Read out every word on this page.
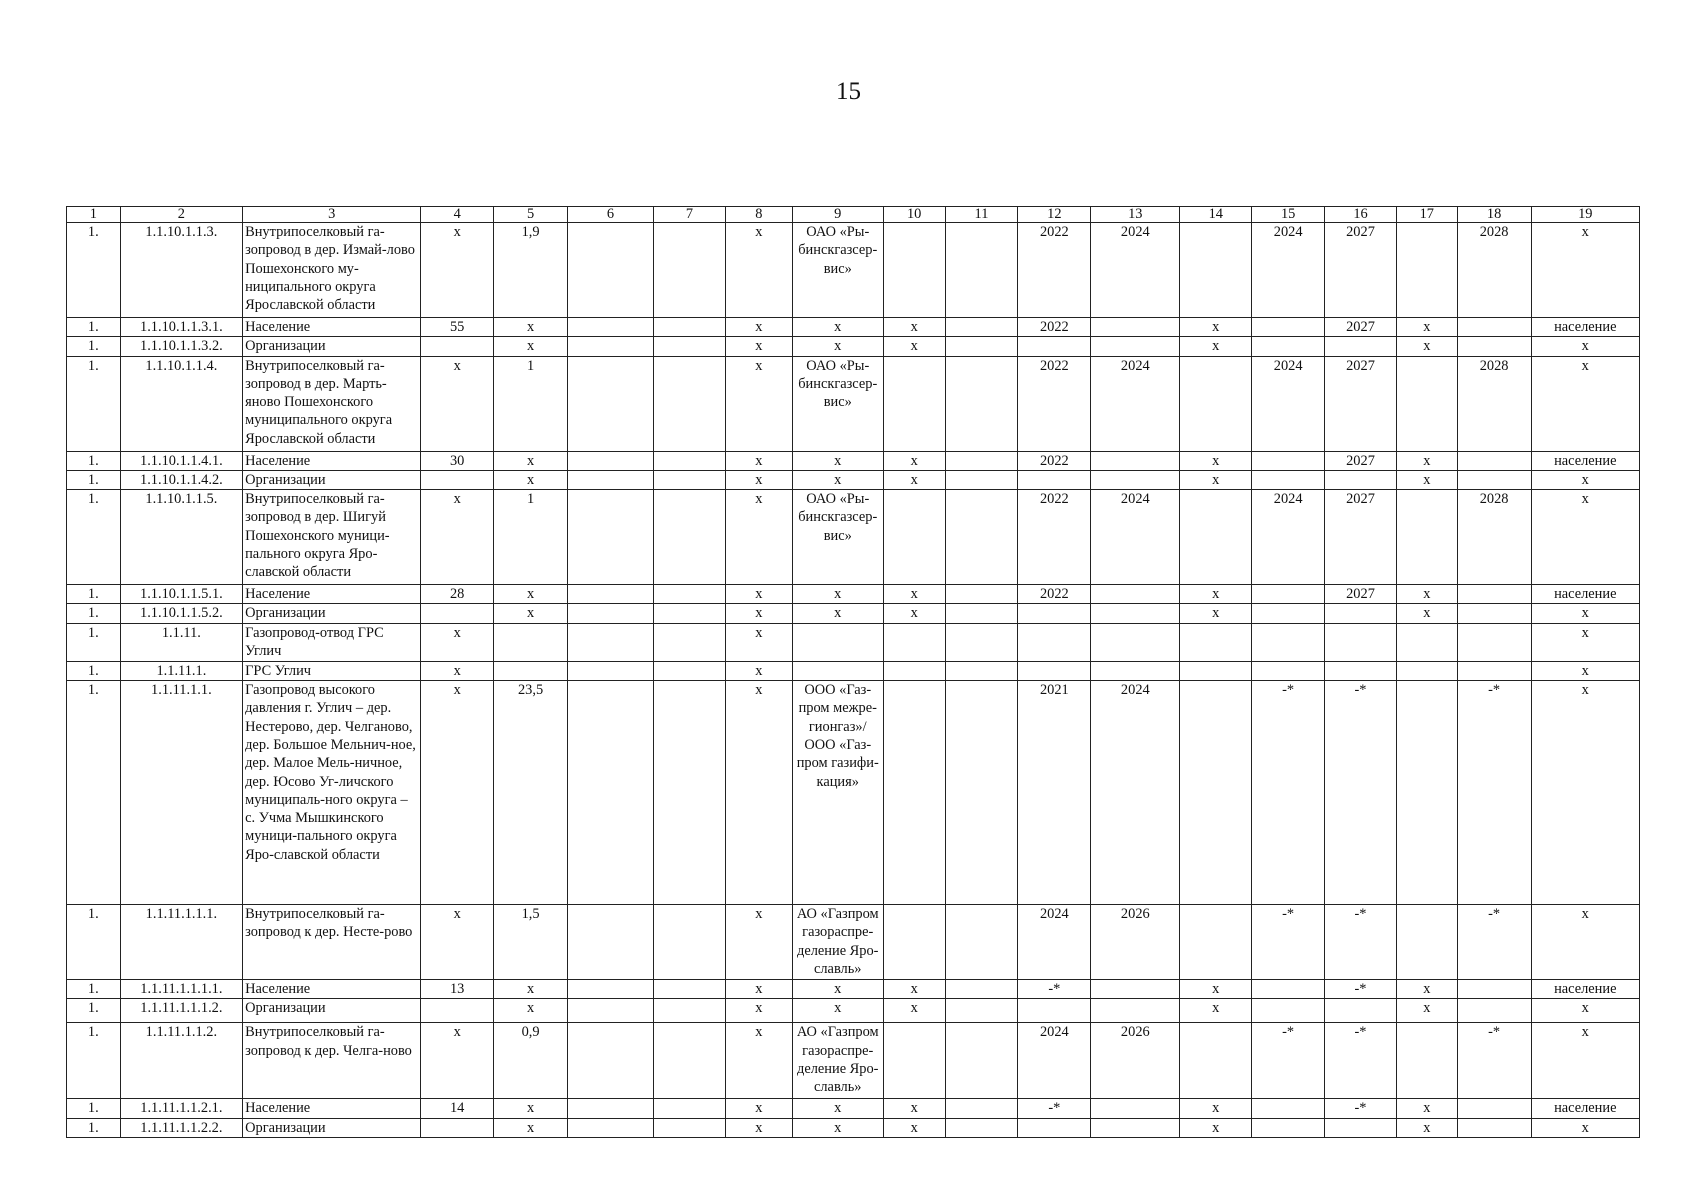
15
1	2	3	4	5	6	7	8	9	10	11	12	13	14	15	16	17	18	19
1.	1.1.10.1.1.3.	Внутрипоселковый га-зопровод в дер. Измай-лово Пошехонского му-ниципального округа Ярославской области	x	1,9			x	ОАО «Ры-бинскгазсер-вис»			2022	2024		2024	2027		2028	x
1.	1.1.10.1.1.3.1.	Население	55	x			x	x	x		2022		x		2027	x		население
1.	1.1.10.1.1.3.2.	Организации		x			x	x	x				x			x		x
1.	1.1.10.1.1.4.	Внутрипоселковый га-зопровод в дер. Марть-яново Пошехонского муниципального округа Ярославской области	x	1			x	ОАО «Ры-бинскгазсер-вис»			2022	2024		2024	2027		2028	x
1.	1.1.10.1.1.4.1.	Население	30	x			x	x	x		2022		x		2027	x		население
1.	1.1.10.1.1.4.2.	Организации		x			x	x	x				x			x		x
1.	1.1.10.1.1.5.	Внутрипоселковый га-зопровод в дер. Шигуй Пошехонского муници-пального округа Яро-славской области	x	1			x	ОАО «Ры-бинскгазсер-вис»			2022	2024		2024	2027		2028	x
1.	1.1.10.1.1.5.1.	Население	28	x			x	x	x		2022		x		2027	x		население
1.	1.1.10.1.1.5.2.	Организации		x			x	x	x				x			x		x
1.	1.1.11.	Газопровод-отвод ГРС Углич	x				x											x
1.	1.1.11.1.	ГРС Углич	x				x											x
1.	1.1.11.1.1.	Газопровод высокого давления г. Углич – дер. Нестерово, дер. Челганово, дер. Большое Мельнич-ное, дер. Малое Мель-ничное, дер. Юсово Уг-личского муниципаль-ного округа – с. Учма Мышкинского муници-пального округа Яро-славской области	x	23,5			x	ООО «Газ-пром межре-гионгаз»/ ООО «Газ-пром газифи-кация»			2021	2024		-*	-*		-*	x
1.	1.1.11.1.1.1.	Внутрипоселковый га-зопровод к дер. Несте-рово	x	1,5			x	АО «Газпром газораспре-деление Яро-славль»			2024	2026		-*	-*		-*	x
1.	1.1.11.1.1.1.1.	Население	13	x			x	x	x		-*		x		-*	x		население
1.	1.1.11.1.1.1.2.	Организации		x			x	x	x				x			x		x
1.	1.1.11.1.1.2.	Внутрипоселковый га-зопровод к дер. Челга-ново	x	0,9			x	АО «Газпром газораспре-деление Яро-славль»			2024	2026		-*	-*		-*	x
1.	1.1.11.1.1.2.1.	Население	14	x			x	x	x		-*		x		-*	x		население
1.	1.1.11.1.1.2.2.	Организации		x			x	x	x				x			x		x
